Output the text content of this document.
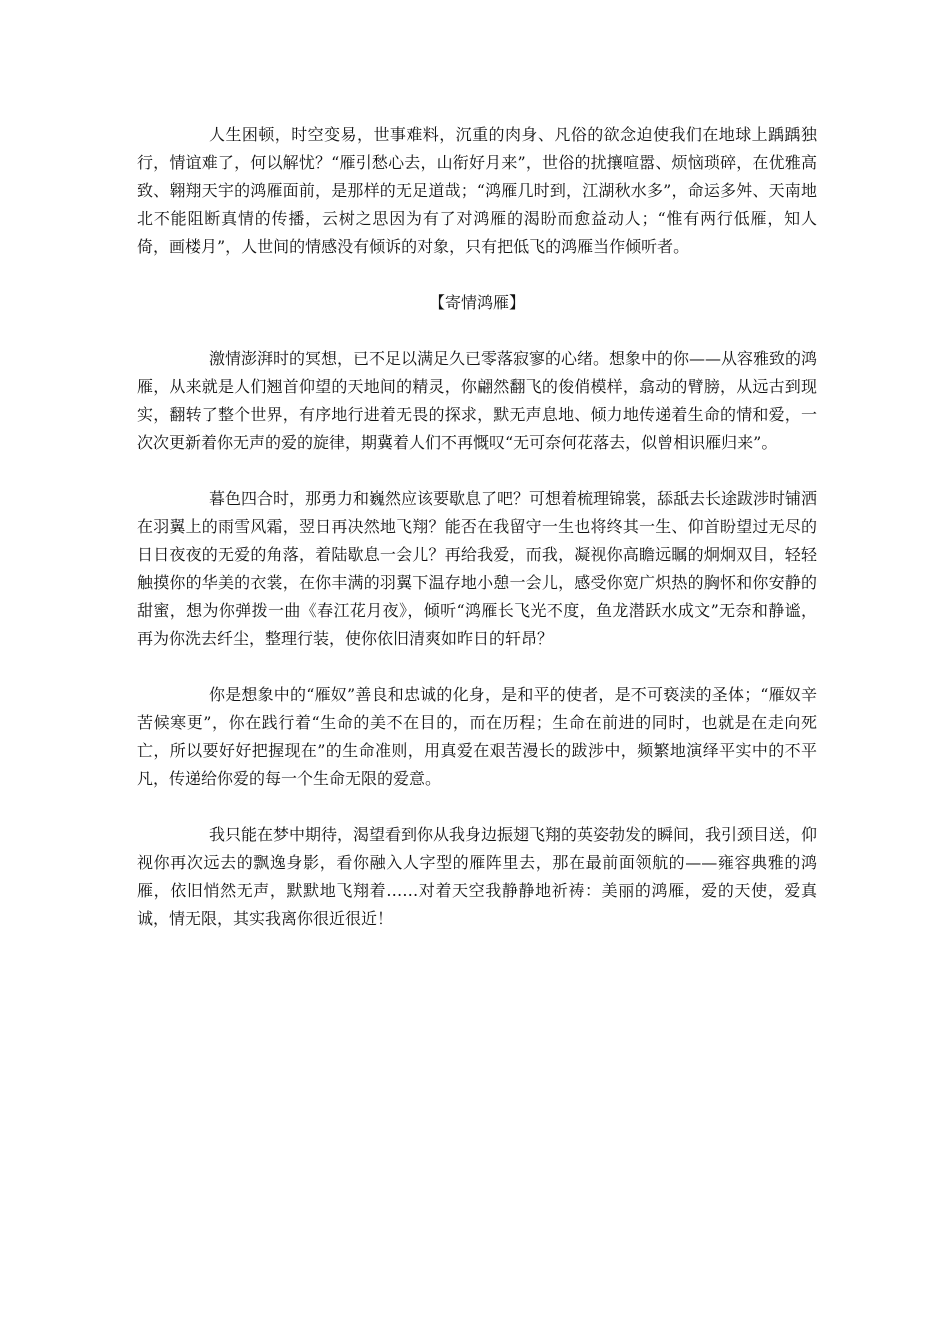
人生困顿，时空变易，世事难料，沉重的肉身、凡俗的欲念迫使我们在地球上踽踽独行，情谊难了，何以解忧？“雁引愁心去，山衔好月来”，世俗的扰攘喧嚣、烦恼琐碎，在优雅高致、翱翔天宇的鸿雁面前，是那样的无足道哉；“鸿雁几时到，江湖秋水多”，命运多舛、天南地北不能阻断真情的传播，云树之思因为有了对鸿雁的渴盼而愈益动人；“惟有两行低雁，知人倚，画楼月”，人世间的情感没有倾诉的对象，只有把低飞的鸿雁当作倾听者。

【寄情鸿雁】

激情澎湃时的冥想，已不足以满足久已零落寂寥的心绪。想象中的你——从容雅致的鸿雁，从来就是人们翘首仰望的天地间的精灵，你翩然翻飞的俊俏模样，翕动的臂膀，从远古到现实，翻转了整个世界，有序地行进着无畏的探求，默无声息地、倾力地传递着生命的情和爱，一次次更新着你无声的爱的旋律，期冀着人们不再慨叹“无可奈何花落去，似曾相识雁归来”。

暮色四合时，那勇力和巍然应该要歇息了吧？可想着梳理锦裳，舔舐去长途跋涉时铺洒在羽翼上的雨雪风霜，翌日再决然地飞翔？能否在我留守一生也将终其一生、仰首盼望过无尽的日日夜夜的无爱的角落，着陆歇息一会儿？再给我爱，而我，凝视你高瞻远瞩的炯炯双目，轻轻触摸你的华美的衣裳，在你丰满的羽翼下温存地小憩一会儿，感受你宽广炽热的胸怀和你安静的甜蜜，想为你弹拨一曲《春江花月夜》，倾听“鸿雁长飞光不度，鱼龙潜跃水成文”无奈和静谧，再为你洗去纤尘，整理行装，使你依旧清爽如昨日的轩昂？

你是想象中的“雁奴”善良和忠诚的化身，是和平的使者，是不可亵渎的圣体；“雁奴辛苦候寒更”，你在践行着“生命的美不在目的，而在历程；生命在前进的同时，也就是在走向死亡，所以要好好把握现在”的生命准则，用真爱在艰苦漫长的跋涉中，频繁地演绎平实中的不平凡，传递给你爱的每一个生命无限的爱意。

我只能在梦中期待，渴望看到你从我身边振翅飞翔的英姿勃发的瞬间，我引颈目送，仰视你再次远去的飘逸身影，看你融入人字型的雁阵里去，那在最前面领航的——雍容典雅的鸿雁，依旧悄然无声，默默地飞翔着……对着天空我静静地祈祷：美丽的鸿雁，爱的天使，爱真诚，情无限，其实我离你很近很近！
